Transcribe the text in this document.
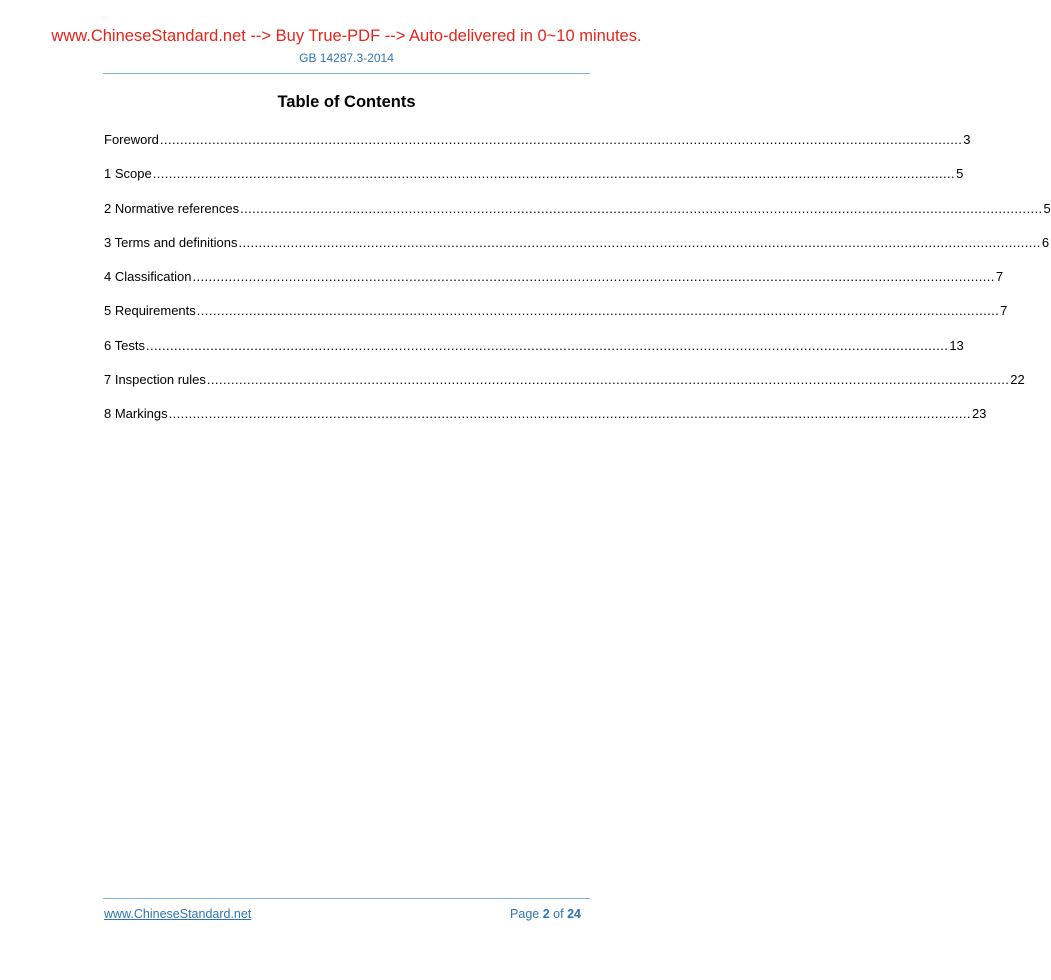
www.ChineseStandard.net --> Buy True-PDF --> Auto-delivered in 0~10 minutes.
GB 14287.3-2014
Table of Contents
Foreword ........................................................................................................................................................................................................ 3
1 Scope ........................................................................................................................................................................................................ 5
2 Normative references ........................................................................................................................................................................................................ 5
3 Terms and definitions ........................................................................................................................................................................................................ 6
4 Classification ........................................................................................................................................................................................................ 7
5 Requirements ........................................................................................................................................................................................................ 7
6 Tests ........................................................................................................................................................................................................ 13
7 Inspection rules ........................................................................................................................................................................................................ 22
8 Markings ........................................................................................................................................................................................................ 23
www.ChineseStandard.net	Page 2 of 24
